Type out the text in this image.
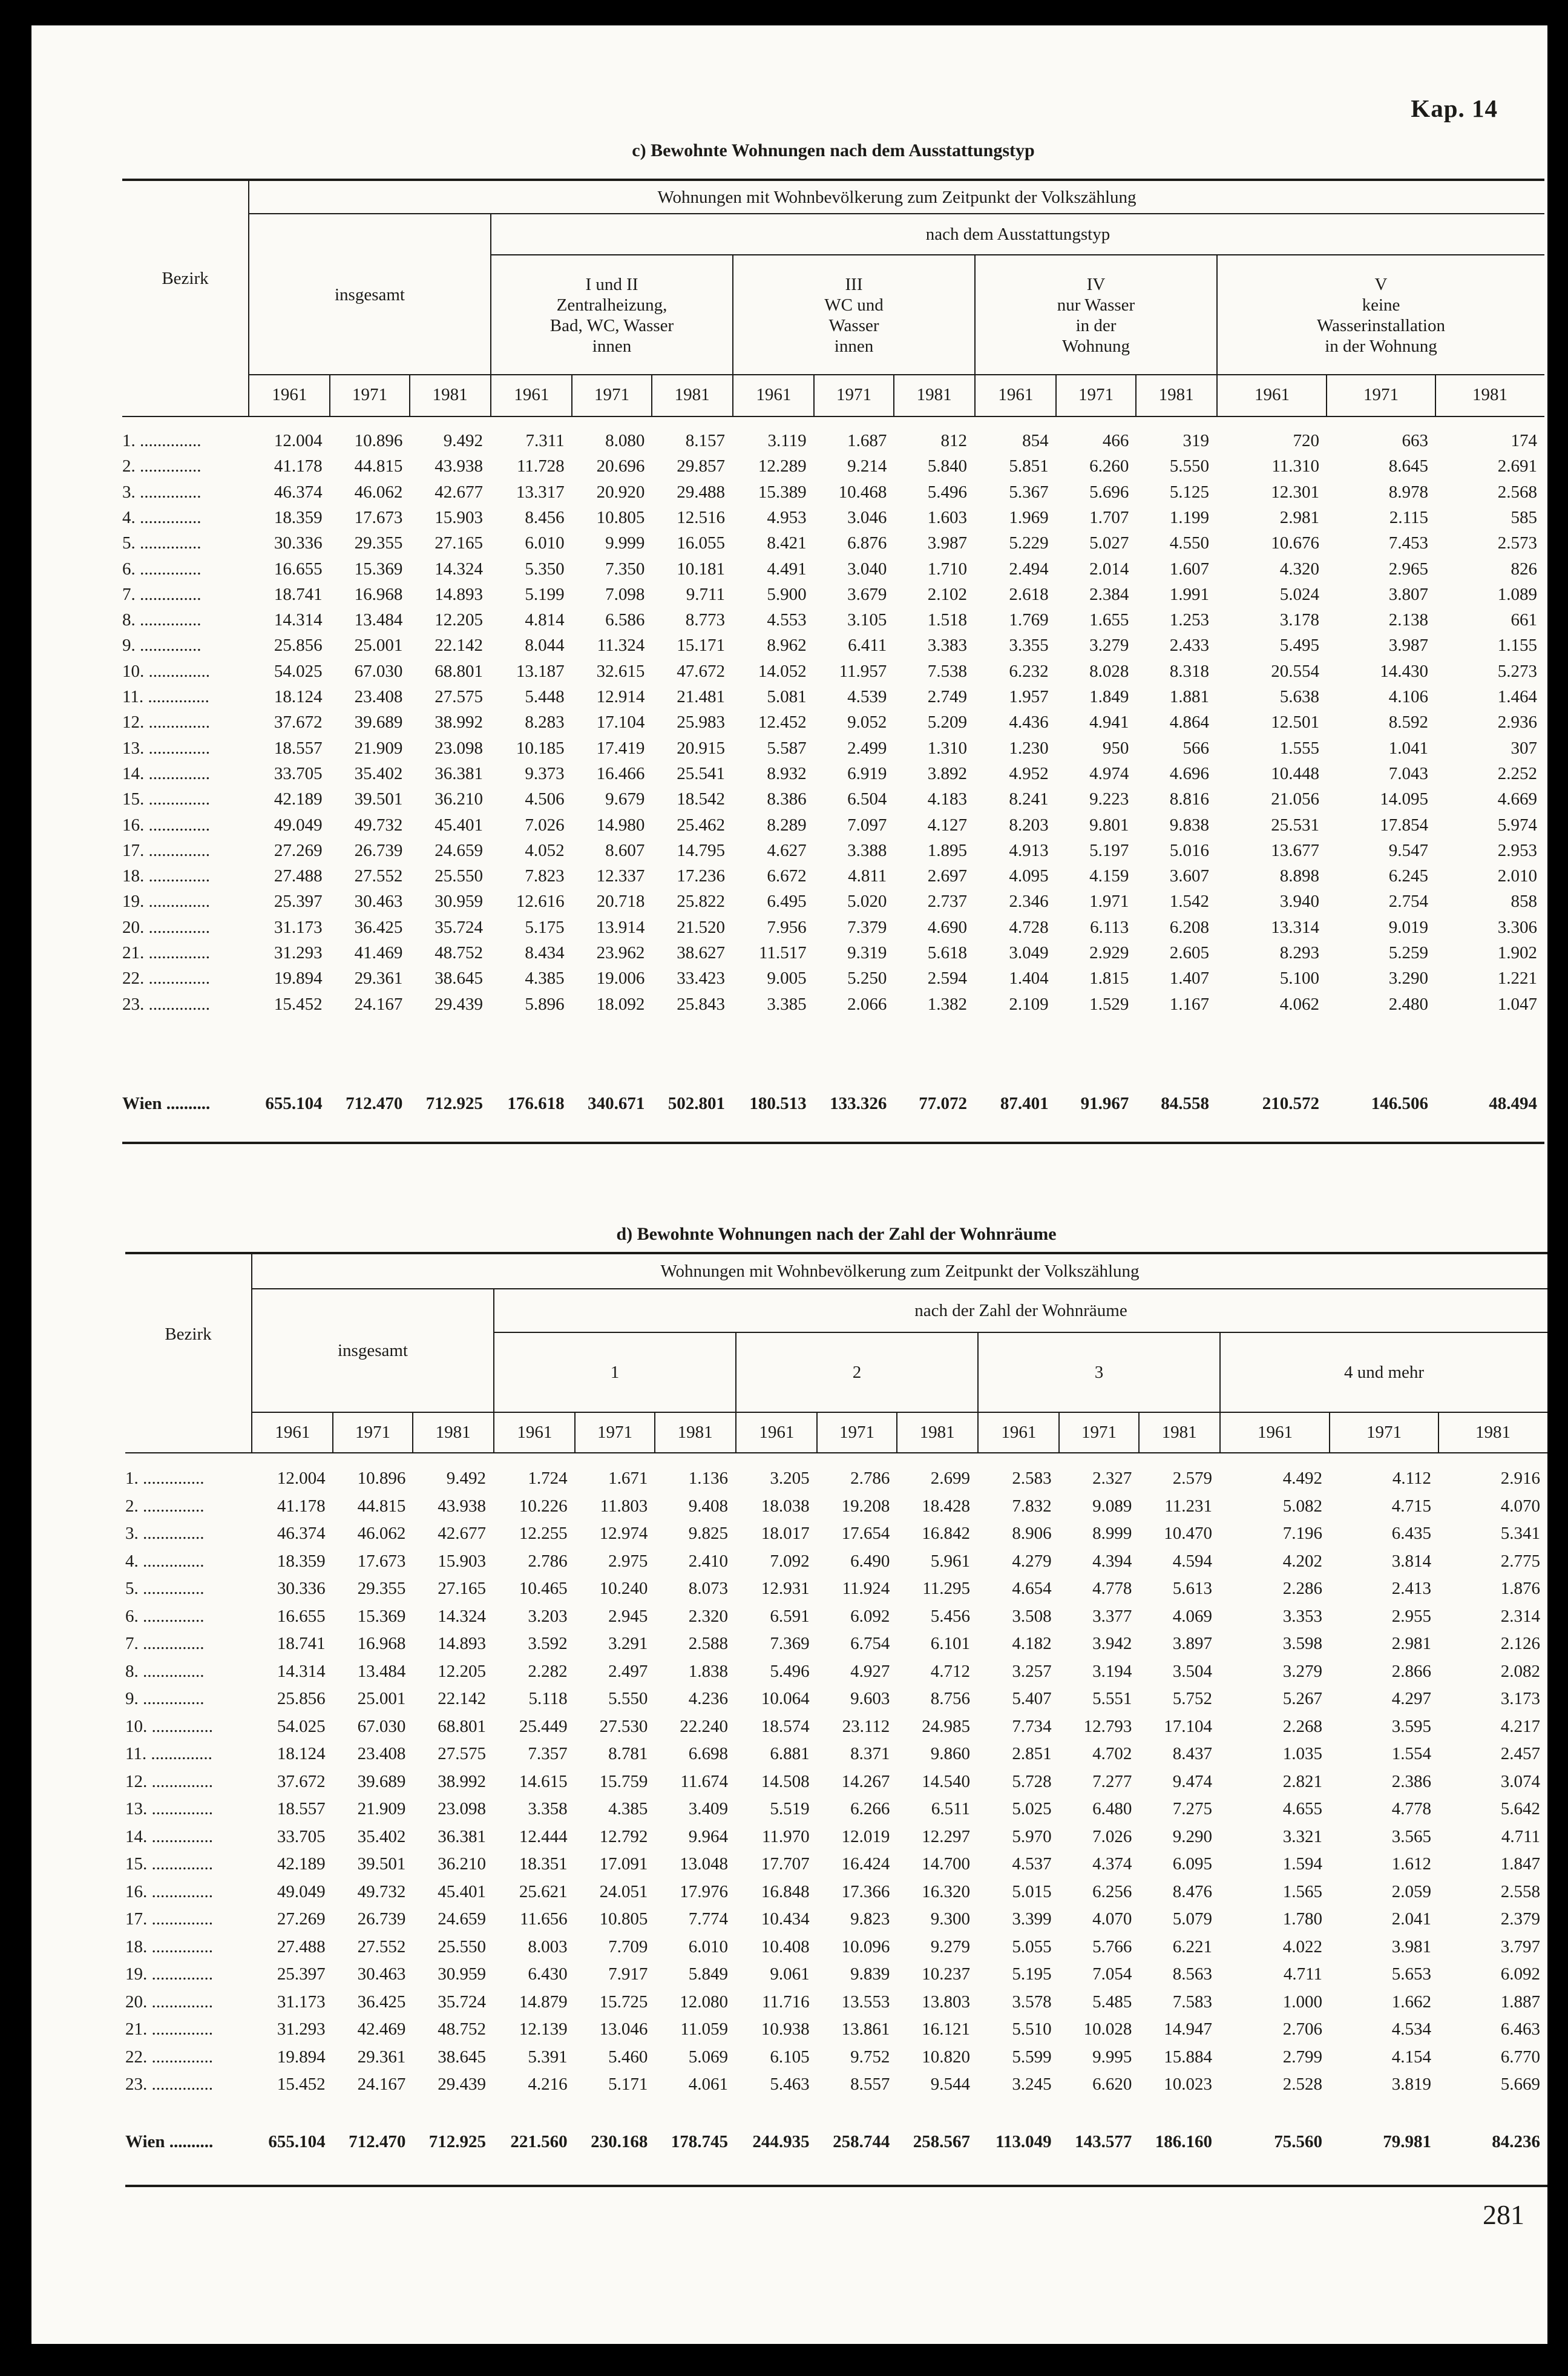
Kap. 14
c) Bewohnte Wohnungen nach dem Ausstattungstyp
Wohnungen mit Wohnbevölkerung zum Zeitpunkt der Volkszählung
Bezirk
insgesamt
nach dem Ausstattungstyp
I und II
Zentralheizung,
Bad, WC, Wasser
innen
III
WC und
Wasser
innen
IV
nur Wasser
in der
Wohnung
V
keine
Wasserinstallation
in der Wohnung
1961	1971	1981	1961	1971	1981	1961	1971	1981	1961	1971	1981	1961	1971	1981
1. ..............	12.004	10.896	9.492	7.311	8.080	8.157	3.119	1.687	812	854	466	319	720	663	174
2. ..............	41.178	44.815	43.938	11.728	20.696	29.857	12.289	9.214	5.840	5.851	6.260	5.550	11.310	8.645	2.691
3. ..............	46.374	46.062	42.677	13.317	20.920	29.488	15.389	10.468	5.496	5.367	5.696	5.125	12.301	8.978	2.568
4. ..............	18.359	17.673	15.903	8.456	10.805	12.516	4.953	3.046	1.603	1.969	1.707	1.199	2.981	2.115	585
5. ..............	30.336	29.355	27.165	6.010	9.999	16.055	8.421	6.876	3.987	5.229	5.027	4.550	10.676	7.453	2.573
6. ..............	16.655	15.369	14.324	5.350	7.350	10.181	4.491	3.040	1.710	2.494	2.014	1.607	4.320	2.965	826
7. ..............	18.741	16.968	14.893	5.199	7.098	9.711	5.900	3.679	2.102	2.618	2.384	1.991	5.024	3.807	1.089
8. ..............	14.314	13.484	12.205	4.814	6.586	8.773	4.553	3.105	1.518	1.769	1.655	1.253	3.178	2.138	661
9. ..............	25.856	25.001	22.142	8.044	11.324	15.171	8.962	6.411	3.383	3.355	3.279	2.433	5.495	3.987	1.155
10. ..............	54.025	67.030	68.801	13.187	32.615	47.672	14.052	11.957	7.538	6.232	8.028	8.318	20.554	14.430	5.273
11. ..............	18.124	23.408	27.575	5.448	12.914	21.481	5.081	4.539	2.749	1.957	1.849	1.881	5.638	4.106	1.464
12. ..............	37.672	39.689	38.992	8.283	17.104	25.983	12.452	9.052	5.209	4.436	4.941	4.864	12.501	8.592	2.936
13. ..............	18.557	21.909	23.098	10.185	17.419	20.915	5.587	2.499	1.310	1.230	950	566	1.555	1.041	307
14. ..............	33.705	35.402	36.381	9.373	16.466	25.541	8.932	6.919	3.892	4.952	4.974	4.696	10.448	7.043	2.252
15. ..............	42.189	39.501	36.210	4.506	9.679	18.542	8.386	6.504	4.183	8.241	9.223	8.816	21.056	14.095	4.669
16. ..............	49.049	49.732	45.401	7.026	14.980	25.462	8.289	7.097	4.127	8.203	9.801	9.838	25.531	17.854	5.974
17. ..............	27.269	26.739	24.659	4.052	8.607	14.795	4.627	3.388	1.895	4.913	5.197	5.016	13.677	9.547	2.953
18. ..............	27.488	27.552	25.550	7.823	12.337	17.236	6.672	4.811	2.697	4.095	4.159	3.607	8.898	6.245	2.010
19. ..............	25.397	30.463	30.959	12.616	20.718	25.822	6.495	5.020	2.737	2.346	1.971	1.542	3.940	2.754	858
20. ..............	31.173	36.425	35.724	5.175	13.914	21.520	7.956	7.379	4.690	4.728	6.113	6.208	13.314	9.019	3.306
21. ..............	31.293	41.469	48.752	8.434	23.962	38.627	11.517	9.319	5.618	3.049	2.929	2.605	8.293	5.259	1.902
22. ..............	19.894	29.361	38.645	4.385	19.006	33.423	9.005	5.250	2.594	1.404	1.815	1.407	5.100	3.290	1.221
23. ..............	15.452	24.167	29.439	5.896	18.092	25.843	3.385	2.066	1.382	2.109	1.529	1.167	4.062	2.480	1.047
Wien ..........	655.104	712.470	712.925	176.618	340.671	502.801	180.513	133.326	77.072	87.401	91.967	84.558	210.572	146.506	48.494
d) Bewohnte Wohnungen nach der Zahl der Wohnräume
Wohnungen mit Wohnbevölkerung zum Zeitpunkt der Volkszählung
Bezirk
insgesamt
nach der Zahl der Wohnräume
1	2	3	4 und mehr
1961	1971	1981	1961	1971	1981	1961	1971	1981	1961	1971	1981	1961	1971	1981
1. ..............	12.004	10.896	9.492	1.724	1.671	1.136	3.205	2.786	2.699	2.583	2.327	2.579	4.492	4.112	2.916
2. ..............	41.178	44.815	43.938	10.226	11.803	9.408	18.038	19.208	18.428	7.832	9.089	11.231	5.082	4.715	4.070
3. ..............	46.374	46.062	42.677	12.255	12.974	9.825	18.017	17.654	16.842	8.906	8.999	10.470	7.196	6.435	5.341
4. ..............	18.359	17.673	15.903	2.786	2.975	2.410	7.092	6.490	5.961	4.279	4.394	4.594	4.202	3.814	2.775
5. ..............	30.336	29.355	27.165	10.465	10.240	8.073	12.931	11.924	11.295	4.654	4.778	5.613	2.286	2.413	1.876
6. ..............	16.655	15.369	14.324	3.203	2.945	2.320	6.591	6.092	5.456	3.508	3.377	4.069	3.353	2.955	2.314
7. ..............	18.741	16.968	14.893	3.592	3.291	2.588	7.369	6.754	6.101	4.182	3.942	3.897	3.598	2.981	2.126
8. ..............	14.314	13.484	12.205	2.282	2.497	1.838	5.496	4.927	4.712	3.257	3.194	3.504	3.279	2.866	2.082
9. ..............	25.856	25.001	22.142	5.118	5.550	4.236	10.064	9.603	8.756	5.407	5.551	5.752	5.267	4.297	3.173
10. ..............	54.025	67.030	68.801	25.449	27.530	22.240	18.574	23.112	24.985	7.734	12.793	17.104	2.268	3.595	4.217
11. ..............	18.124	23.408	27.575	7.357	8.781	6.698	6.881	8.371	9.860	2.851	4.702	8.437	1.035	1.554	2.457
12. ..............	37.672	39.689	38.992	14.615	15.759	11.674	14.508	14.267	14.540	5.728	7.277	9.474	2.821	2.386	3.074
13. ..............	18.557	21.909	23.098	3.358	4.385	3.409	5.519	6.266	6.511	5.025	6.480	7.275	4.655	4.778	5.642
14. ..............	33.705	35.402	36.381	12.444	12.792	9.964	11.970	12.019	12.297	5.970	7.026	9.290	3.321	3.565	4.711
15. ..............	42.189	39.501	36.210	18.351	17.091	13.048	17.707	16.424	14.700	4.537	4.374	6.095	1.594	1.612	1.847
16. ..............	49.049	49.732	45.401	25.621	24.051	17.976	16.848	17.366	16.320	5.015	6.256	8.476	1.565	2.059	2.558
17. ..............	27.269	26.739	24.659	11.656	10.805	7.774	10.434	9.823	9.300	3.399	4.070	5.079	1.780	2.041	2.379
18. ..............	27.488	27.552	25.550	8.003	7.709	6.010	10.408	10.096	9.279	5.055	5.766	6.221	4.022	3.981	3.797
19. ..............	25.397	30.463	30.959	6.430	7.917	5.849	9.061	9.839	10.237	5.195	7.054	8.563	4.711	5.653	6.092
20. ..............	31.173	36.425	35.724	14.879	15.725	12.080	11.716	13.553	13.803	3.578	5.485	7.583	1.000	1.662	1.887
21. ..............	31.293	42.469	48.752	12.139	13.046	11.059	10.938	13.861	16.121	5.510	10.028	14.947	2.706	4.534	6.463
22. ..............	19.894	29.361	38.645	5.391	5.460	5.069	6.105	9.752	10.820	5.599	9.995	15.884	2.799	4.154	6.770
23. ..............	15.452	24.167	29.439	4.216	5.171	4.061	5.463	8.557	9.544	3.245	6.620	10.023	2.528	3.819	5.669
Wien ..........	655.104	712.470	712.925	221.560	230.168	178.745	244.935	258.744	258.567	113.049	143.577	186.160	75.560	79.981	84.236
281
